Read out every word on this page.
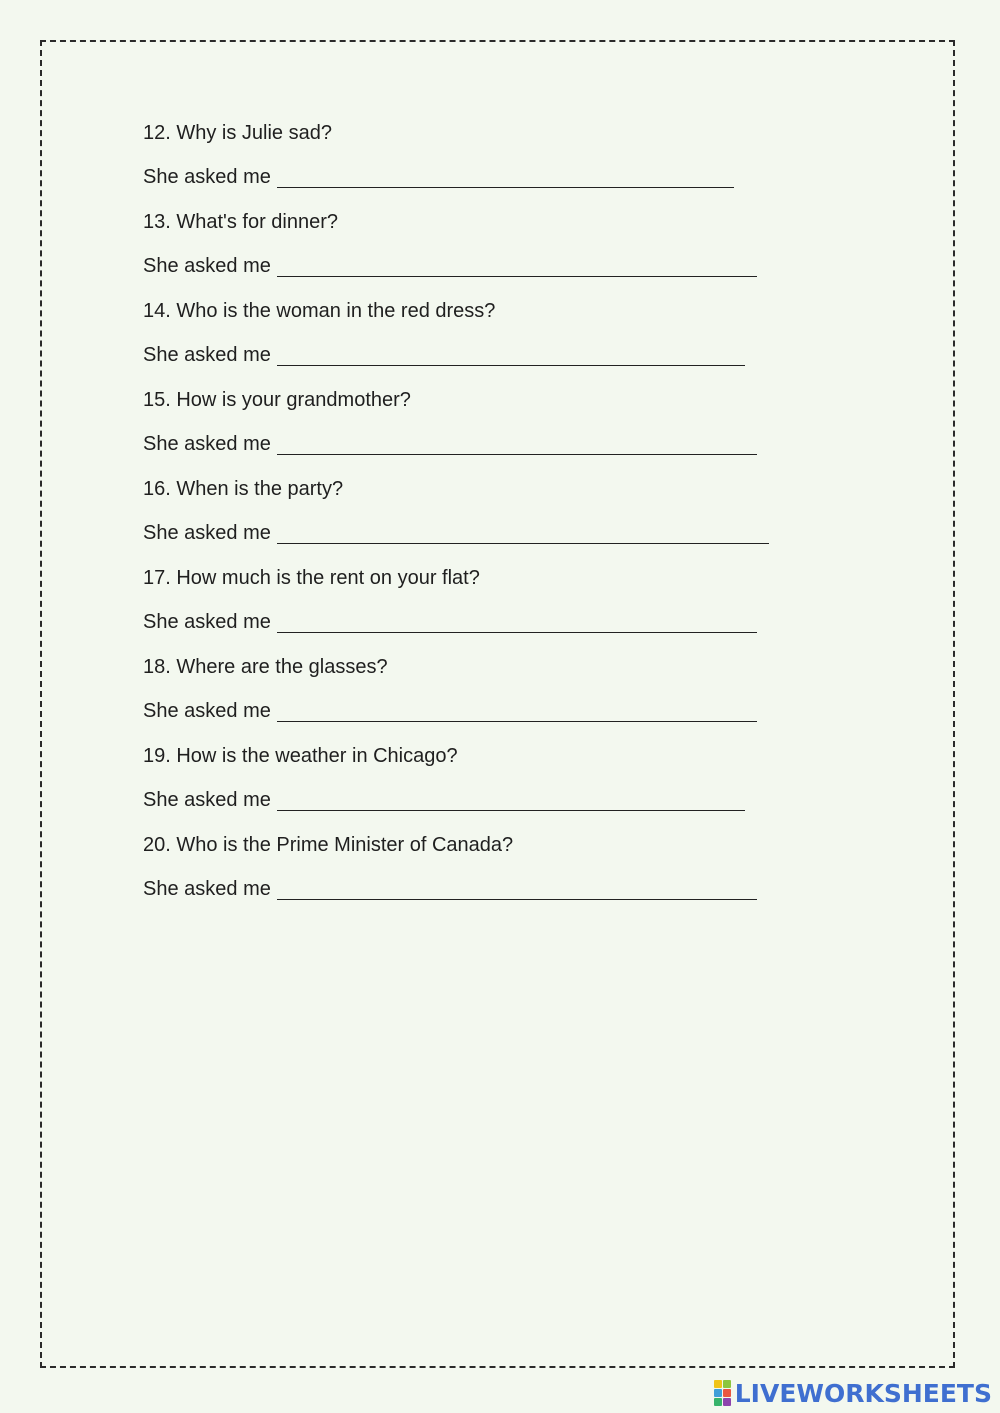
12. Why is Julie sad?

She asked me

13. What's for dinner?

She asked me

14. Who is the woman in the red dress?

She asked me

15. How is your grandmother?

She asked me

16. When is the party?

She asked me

17. How much is the rent on your flat?

She asked me

18. Where are the glasses?

She asked me

19. How is the weather in Chicago?

She asked me

20. Who is the Prime Minister of Canada?

She asked me
LIVEWORKSHEETS
